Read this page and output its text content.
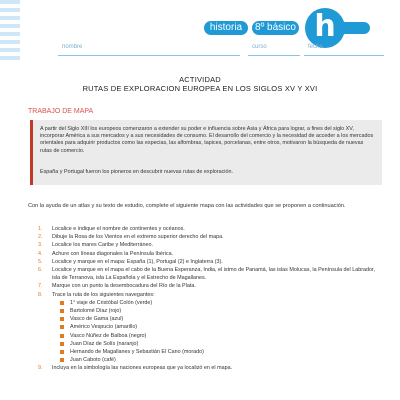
historia	8º básico h
nombre	curso	fecha
ACTIVIDAD
RUTAS DE EXPLORACION EUROPEA EN LOS SIGLOS XV Y XVI
TRABAJO DE MAPA

A partir del Siglo XIII los europeos comenzaron a extender su poder e influencia sobre Asia y África para lograr, a fines del siglo XV, incorporar América a sus mercados y a sus necesidades de consumo. El desarrollo del comercio y la necesidad de acceder a los mercados orientales para adquirir productos como las especias, las alfombras, tapices, porcelanas, entre otros, motivaron la búsqueda de nuevas rutas de comercio.

España y Portugal fueron los pioneros en descubrir nuevas rutas de exploración.

Con la ayuda de un atlas y su texto de estudio, complete el siguiente mapa con las actividades que se proponen a continuación.
1. Localice e indique el nombre de continentes y océanos.
2. Dibuje la Rosa de los Vientos en el extremo superior derecho del mapa.
3. Localice los mares Caribe y Mediterráneo.
4. Achure con líneas diagonales la Península Ibérica.
5. Localice y marque en el mapa: España (1), Portugal (2) e Inglaterra (3).
6. Localice y marque en el mapa el cabo de la Buena Esperanza, India, el istmo de Panamá, las islas Molucas, la Península del Labrador, isla de Terranova, isla La Española y el Estrecho de Magallanes.
7. Marque con un punto la desembocadura del Río de la Plata.
8. Trace la ruta de los siguientes navegantes:
1° viaje de Cristóbal Colón (verde)
Bartolomé Díaz (rojo)
Vasco de Gama (azul)
Américo Vespucio (amarillo)
Vasco Núñez de Balboa (negro)
Juan Díaz de Solís (naranjo)
Hernando de Magallanes y Sebastián El Cano (morado)
Juan Caboto (café)
9. Incluya en la simbología las naciones europeas que ya localizó en el mapa.
